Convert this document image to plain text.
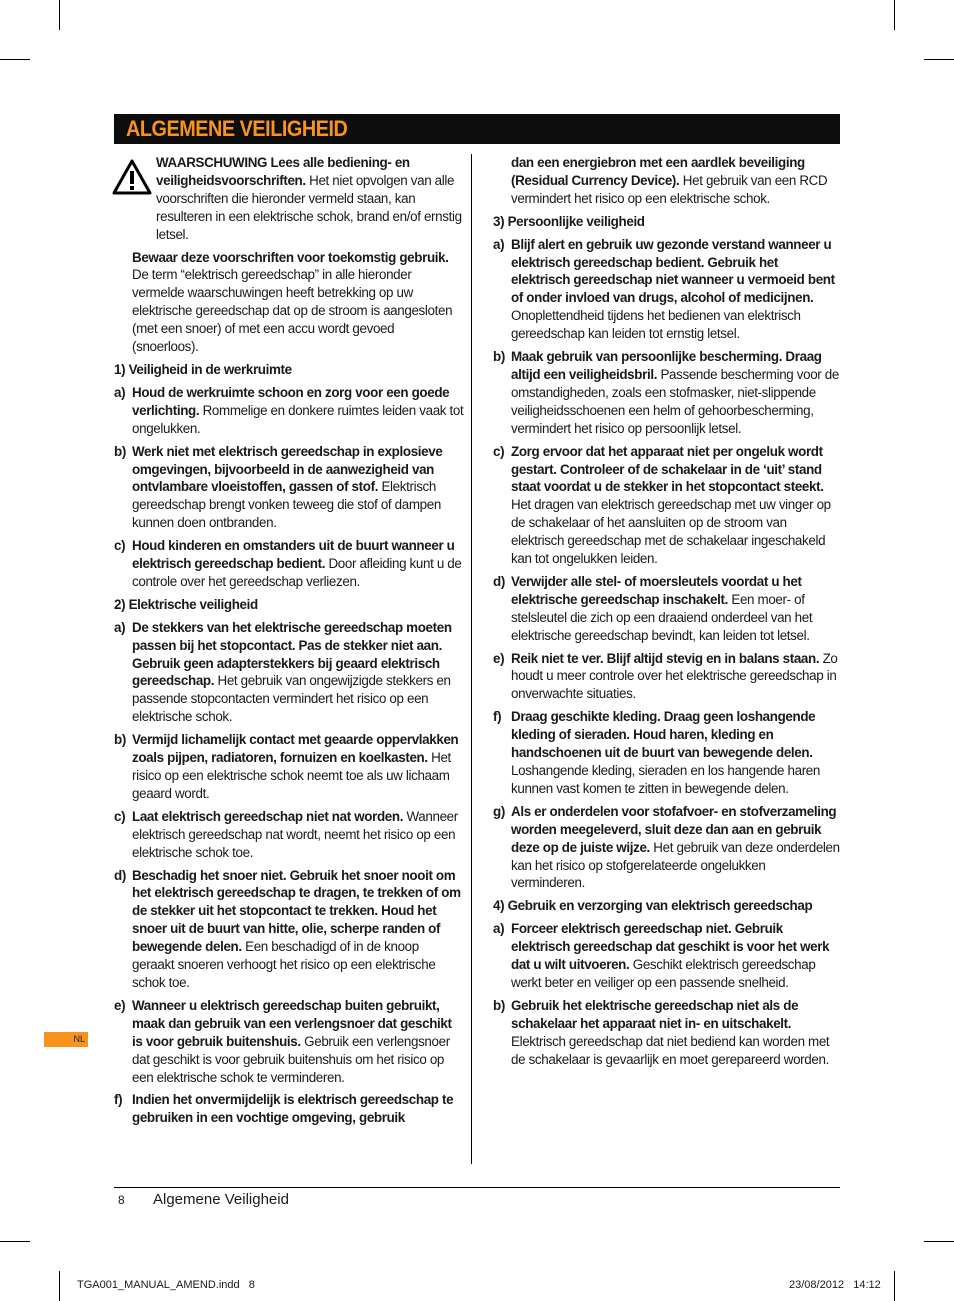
ALGEMENE VEILIGHEID

WAARSCHUWING Lees alle bediening- en veiligheidsvoorschriften. Het niet opvolgen van alle voorschriften die hieronder vermeld staan, kan resulteren in een elektrische schok, brand en/of ernstig letsel.

Bewaar deze voorschriften voor toekomstig gebruik. De term “elektrisch gereedschap” in alle hieronder vermelde waarschuwingen heeft betrekking op uw elektrische gereedschap dat op de stroom is aangesloten (met een snoer) of met een accu wordt gevoed (snoerloos).

1) Veiligheid in de werkruimte
a) Houd de werkruimte schoon en zorg voor een goede verlichting. Rommelige en donkere ruimtes leiden vaak tot ongelukken.
b) Werk niet met elektrisch gereedschap in explosieve omgevingen, bijvoorbeeld in de aanwezigheid van ontvlambare vloeistoffen, gassen of stof. Elektrisch gereedschap brengt vonken teweeg die stof of dampen kunnen doen ontbranden.
c) Houd kinderen en omstanders uit de buurt wanneer u elektrisch gereedschap bedient. Door afleiding kunt u de controle over het gereedschap verliezen.
2) Elektrische veiligheid
a) De stekkers van het elektrische gereedschap moeten passen bij het stopcontact. Pas de stekker niet aan. Gebruik geen adapterstekkers bij geaard elektrisch gereedschap. Het gebruik van ongewijzigde stekkers en passende stopcontacten vermindert het risico op een elektrische schok.
b) Vermijd lichamelijk contact met geaarde oppervlakken zoals pijpen, radiatoren, fornuizen en koelkasten. Het risico op een elektrische schok neemt toe als uw lichaam geaard wordt.
c) Laat elektrisch gereedschap niet nat worden. Wanneer elektrisch gereedschap nat wordt, neemt het risico op een elektrische schok toe.
d) Beschadig het snoer niet. Gebruik het snoer nooit om het elektrisch gereedschap te dragen, te trekken of om de stekker uit het stopcontact te trekken. Houd het snoer uit de buurt van hitte, olie, scherpe randen of bewegende delen. Een beschadigd of in de knoop geraakt snoeren verhoogt het risico op een elektrische schok toe.
e) Wanneer u elektrisch gereedschap buiten gebruikt, maak dan gebruik van een verlengsnoer dat geschikt is voor gebruik buitenshuis. Gebruik een verlengsnoer dat geschikt is voor gebruik buitenshuis om het risico op een elektrische schok te verminderen.
f) Indien het onvermijdelijk is elektrisch gereedschap te gebruiken in een vochtige omgeving, gebruik

dan een energiebron met een aardlek beveiliging (Residual Currency Device). Het gebruik van een RCD vermindert het risico op een elektrische schok.

3) Persoonlijke veiligheid
a) Blijf alert en gebruik uw gezonde verstand wanneer u elektrisch gereedschap bedient. Gebruik het elektrisch gereedschap niet wanneer u vermoeid bent of onder invloed van drugs, alcohol of medicijnen. Onoplettendheid tijdens het bedienen van elektrisch gereedschap kan leiden tot ernstig letsel.
b) Maak gebruik van persoonlijke bescherming. Draag altijd een veiligheidsbril. Passende bescherming voor de omstandigheden, zoals een stofmasker, niet-slippende veiligheidsschoenen een helm of gehoorbescherming, vermindert het risico op persoonlijk letsel.
c) Zorg ervoor dat het apparaat niet per ongeluk wordt gestart. Controleer of de schakelaar in de ‘uit’ stand staat voordat u de stekker in het stopcontact steekt. Het dragen van elektrisch gereedschap met uw vinger op de schakelaar of het aansluiten op de stroom van elektrisch gereedschap met de schakelaar ingeschakeld kan tot ongelukken leiden.
d) Verwijder alle stel- of moersleutels voordat u het elektrische gereedschap inschakelt. Een moer- of stelsleutel die zich op een draaiend onderdeel van het elektrische gereedschap bevindt, kan leiden tot letsel.
e) Reik niet te ver. Blijf altijd stevig en in balans staan. Zo houdt u meer controle over het elektrische gereedschap in onverwachte situaties.
f) Draag geschikte kleding. Draag geen loshangende kleding of sieraden. Houd haren, kleding en handschoenen uit de buurt van bewegende delen. Loshangende kleding, sieraden en los hangende haren kunnen vast komen te zitten in bewegende delen.
g) Als er onderdelen voor stofafvoer- en stofverzameling worden meegeleverd, sluit deze dan aan en gebruik deze op de juiste wijze. Het gebruik van deze onderdelen kan het risico op stofgerelateerde ongelukken verminderen.
4) Gebruik en verzorging van elektrisch gereedschap
a) Forceer elektrisch gereedschap niet. Gebruik elektrisch gereedschap dat geschikt is voor het werk dat u wilt uitvoeren. Geschikt elektrisch gereedschap werkt beter en veiliger op een passende snelheid.
b) Gebruik het elektrische gereedschap niet als de schakelaar het apparaat niet in- en uitschakelt. Elektrisch gereedschap dat niet bediend kan worden met de schakelaar is gevaarlijk en moet gerepareerd worden.
NL
8 Algemene Veiligheid
TGA001_MANUAL_AMEND.indd   8	23/08/2012   14:12
